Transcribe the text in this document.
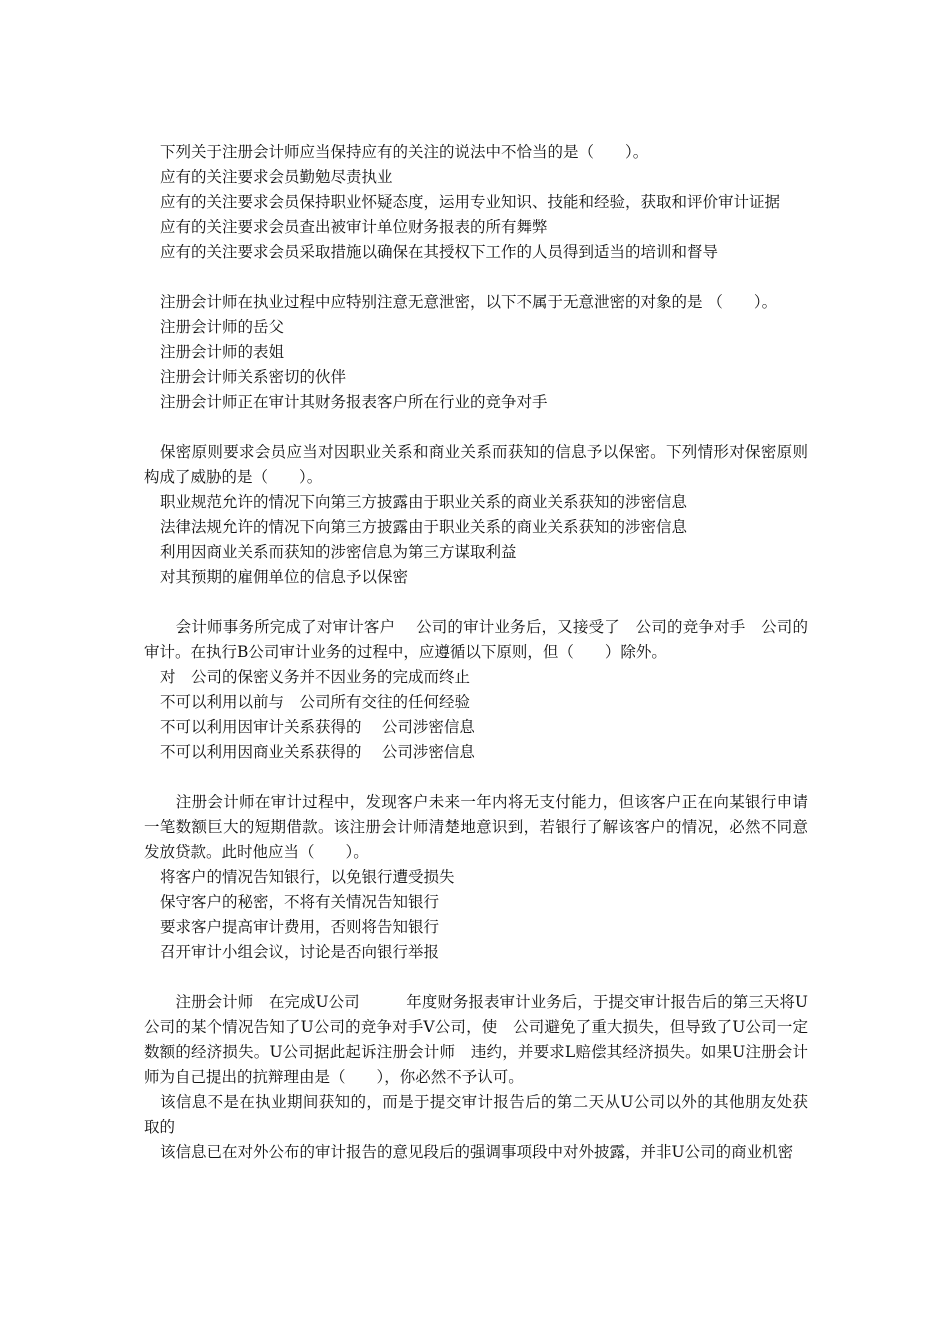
下列关于注册会计师应当保持应有的关注的说法中不恰当的是（　　）。

应有的关注要求会员勤勉尽责执业

应有的关注要求会员保持职业怀疑态度，运用专业知识、技能和经验，获取和评价审计证据

应有的关注要求会员查出被审计单位财务报表的所有舞弊

应有的关注要求会员采取措施以确保在其授权下工作的人员得到适当的培训和督导

注册会计师在执业过程中应特别注意无意泄密，以下不属于无意泄密的对象的是 （　　）。

注册会计师的岳父

注册会计师的表姐

注册会计师关系密切的伙伴

注册会计师正在审计其财务报表客户所在行业的竞争对手

保密原则要求会员应当对因职业关系和商业关系而获知的信息予以保密。下列情形对保密原则构成了威胁的是（　　）。

职业规范允许的情况下向第三方披露由于职业关系的商业关系获知的涉密信息

法律法规允许的情况下向第三方披露由于职业关系的商业关系获知的涉密信息

利用因商业关系而获知的涉密信息为第三方谋取利益

对其预期的雇佣单位的信息予以保密

　会计师事务所完成了对审计客户　 公司的审计业务后，又接受了　公司的竞争对手　公司的审计。在执行B公司审计业务的过程中，应遵循以下原则，但（　　）除外。

对　公司的保密义务并不因业务的完成而终止

不可以利用以前与　公司所有交往的任何经验

不可以利用因审计关系获得的　 公司涉密信息

不可以利用因商业关系获得的　 公司涉密信息

　注册会计师在审计过程中，发现客户未来一年内将无支付能力，但该客户正在向某银行申请一笔数额巨大的短期借款。该注册会计师清楚地意识到，若银行了解该客户的情况，必然不同意发放贷款。此时他应当（　　）。

将客户的情况告知银行，以免银行遭受损失

保守客户的秘密，不将有关情况告知银行

要求客户提高审计费用，否则将告知银行

召开审计小组会议，讨论是否向银行举报

　注册会计师　在完成U公司　　　年度财务报表审计业务后，于提交审计报告后的第三天将U公司的某个情况告知了U公司的竞争对手V公司，使　公司避免了重大损失，但导致了U公司一定数额的经济损失。U公司据此起诉注册会计师　违约，并要求L赔偿其经济损失。如果U注册会计师为自己提出的抗辩理由是（　　），你必然不予认可。

该信息不是在执业期间获知的，而是于提交审计报告后的第二天从U公司以外的其他朋友处获取的

该信息已在对外公布的审计报告的意见段后的强调事项段中对外披露，并非U公司的商业机密
